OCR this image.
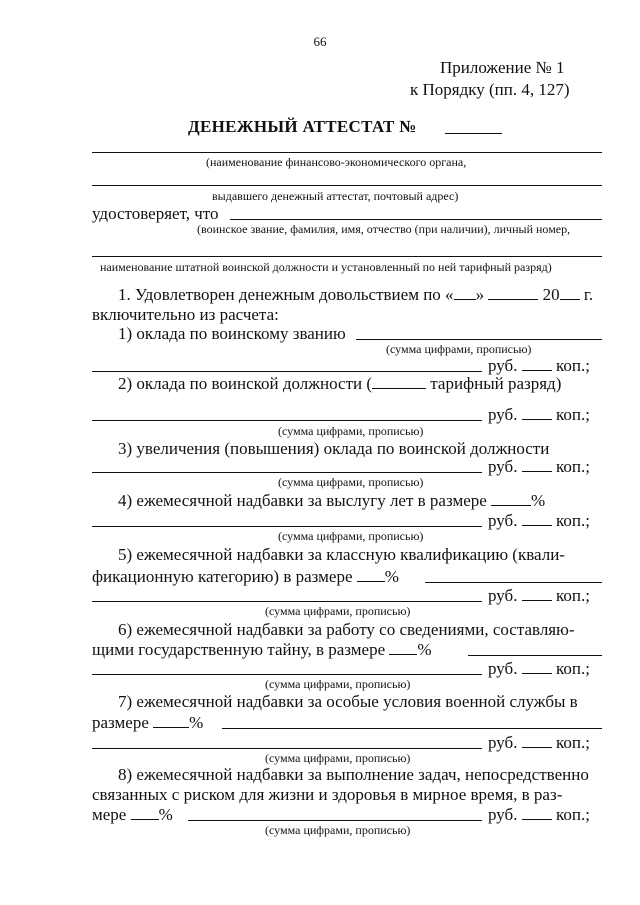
66
Приложение № 1
к Порядку (пп. 4, 127)
ДЕНЕЖНЫЙ АТТЕСТАТ №
(наименование финансово-экономического органа,
выдавшего денежный аттестат, почтовый адрес)
удостоверяет, что
(воинское звание, фамилия, имя, отчество (при наличии), личный номер,
наименование штатной воинской должности и установленный по ней тарифный разряд)
1. Удовлетворен денежным довольствием по « »	20 г.
включительно из расчета:
1) оклада по воинскому званию
(сумма цифрами, прописью)
руб. коп.;
2) оклада по воинской должности (	тарифный разряд)
руб. коп.;
(сумма цифрами, прописью)
3) увеличения (повышения) оклада по воинской должности
руб. коп.;
(сумма цифрами, прописью)
4) ежемесячной надбавки за выслугу лет в размере	%
руб. коп.;
(сумма цифрами, прописью)
5) ежемесячной надбавки за классную квалификацию (квали-
фикационную категорию) в размере %
руб. коп.;
(сумма цифрами, прописью)
6) ежемесячной надбавки за работу со сведениями, составляю-
щими государственную тайну, в размере %
руб. коп.;
(сумма цифрами, прописью)
7) ежемесячной надбавки за особые условия военной службы в
размере %
руб. коп.;
(сумма цифрами, прописью)
8) ежемесячной надбавки за выполнение задач, непосредственно
связанных с риском для жизни и здоровья в мирное время, в раз-
мере %	руб. коп.;
(сумма цифрами, прописью)
